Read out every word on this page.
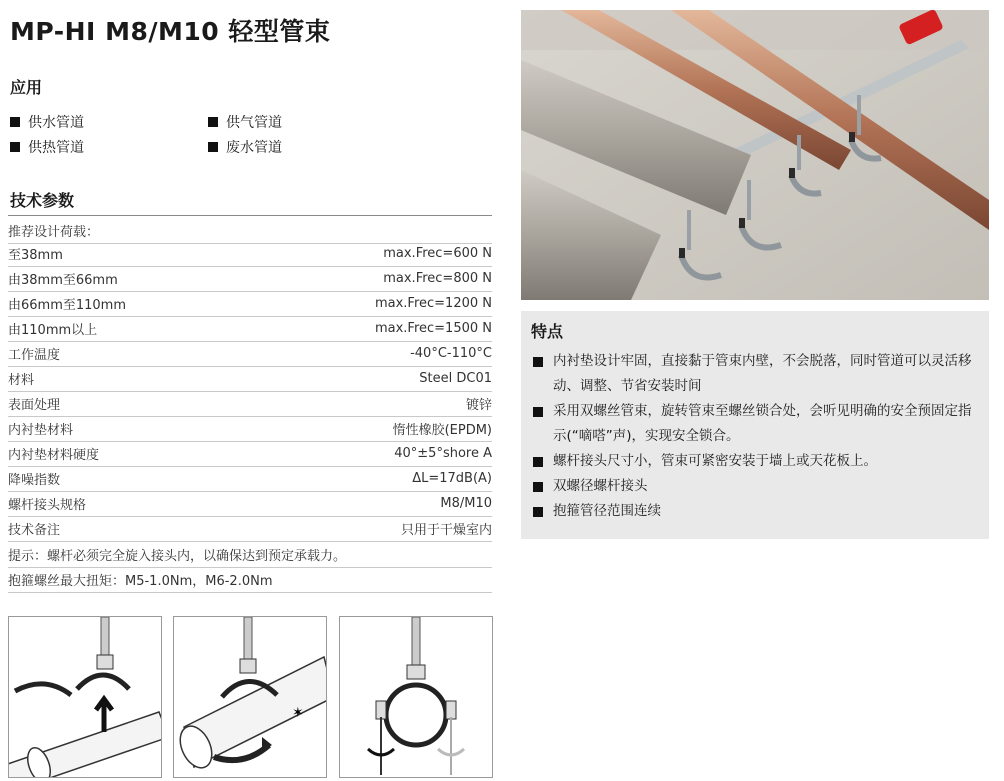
MP-HI M8/M10 轻型管束
应用
供水管道	供气管道
供热管道	废水管道
技术参数
推荐设计荷载：
至38mm	max.Frec=600 N
由38mm至66mm	max.Frec=800 N
由66mm至110mm	max.Frec=1200 N
由110mm以上	max.Frec=1500 N
工作温度	-40°C-110°C
材料	Steel DC01
表面处理	镀锌
内衬垫材料	惰性橡胶(EPDM)
内衬垫材料硬度	40°±5°shore A
降噪指数	ΔL=17dB(A)
螺杆接头规格	M8/M10
技术备注	只用于干燥室内
提示：螺杆必须完全旋入接头内，以确保达到预定承载力。
抱箍螺丝最大扭矩：M5-1.0Nm，M6-2.0Nm
特点
内衬垫设计牢固，直接黏于管束内壁，不会脱落，同时管道可以灵活移动、调整、节省安装时间
采用双螺丝管束，旋转管束至螺丝锁合处，会听见明确的安全预固定指示(“嘀嗒”声)，实现安全锁合。
螺杆接头尺寸小，管束可紧密安装于墙上或天花板上。
双螺径螺杆接头
抱箍管径范围连续
✶
